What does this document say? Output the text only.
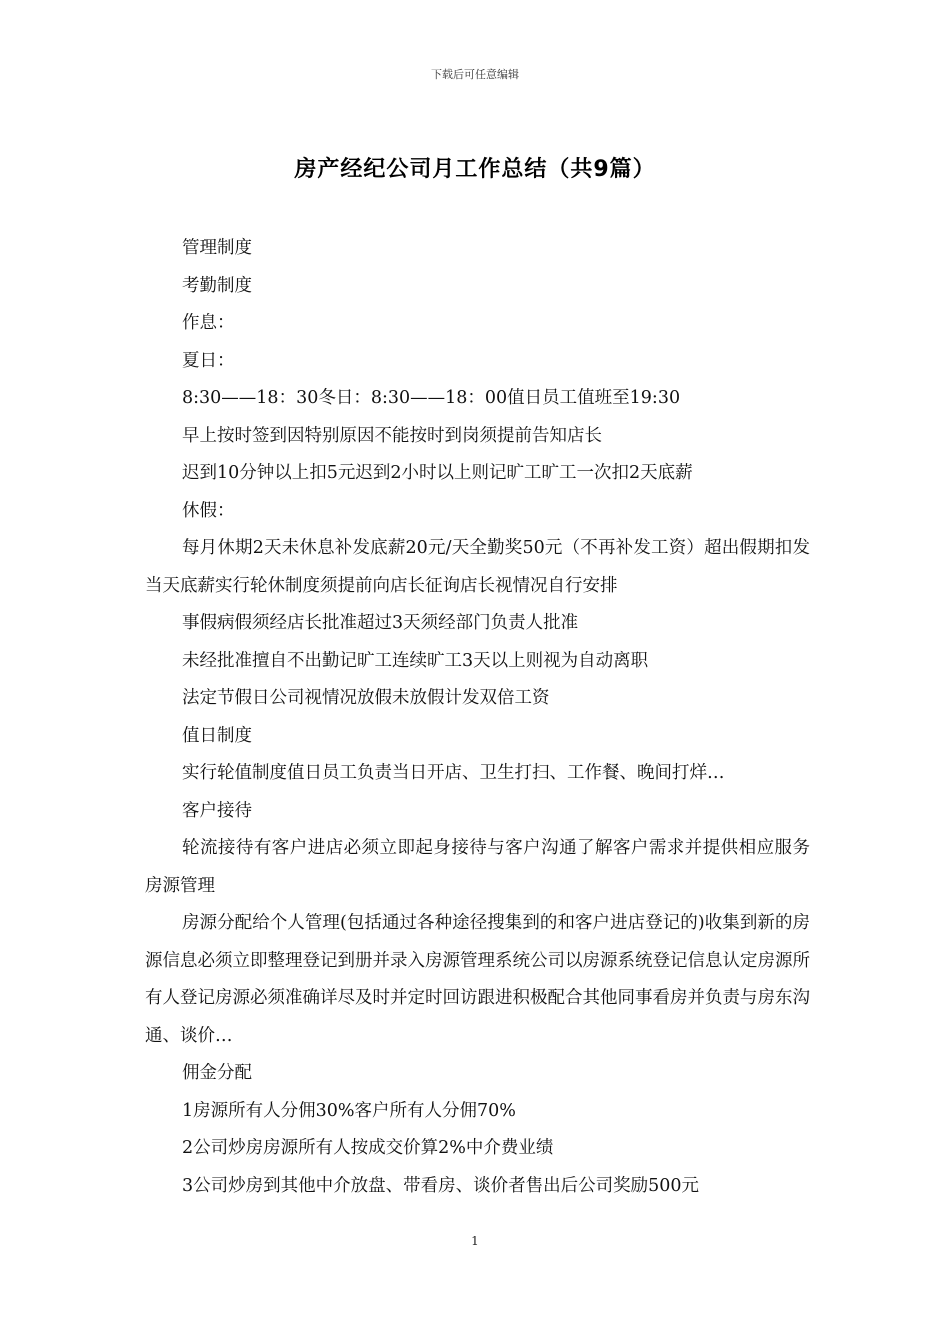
下载后可任意编辑
房产经纪公司月工作总结（共9篇）

管理制度

考勤制度

作息：

夏日：

8:30——18：30冬日：8:30——18：00值日员工值班至19:30

早上按时签到因特别原因不能按时到岗须提前告知店长

迟到10分钟以上扣5元迟到2小时以上则记旷工旷工一次扣2天底薪

休假：

每月休期2天未休息补发底薪20元/天全勤奖50元（不再补发工资）超出假期扣发当天底薪实行轮休制度须提前向店长征询店长视情况自行安排

事假病假须经店长批准超过3天须经部门负责人批准

未经批准擅自不出勤记旷工连续旷工3天以上则视为自动离职

法定节假日公司视情况放假未放假计发双倍工资

值日制度

实行轮值制度值日员工负责当日开店、卫生打扫、工作餐、晚间打烊…

客户接待

轮流接待有客户进店必须立即起身接待与客户沟通了解客户需求并提供相应服务房源管理

房源分配给个人管理(包括通过各种途径搜集到的和客户进店登记的)收集到新的房源信息必须立即整理登记到册并录入房源管理系统公司以房源系统登记信息认定房源所有人登记房源必须准确详尽及时并定时回访跟进积极配合其他同事看房并负责与房东沟通、谈价…

佣金分配

1房源所有人分佣30%客户所有人分佣70%

2公司炒房房源所有人按成交价算2%中介费业绩

3公司炒房到其他中介放盘、带看房、谈价者售出后公司奖励500元

1
